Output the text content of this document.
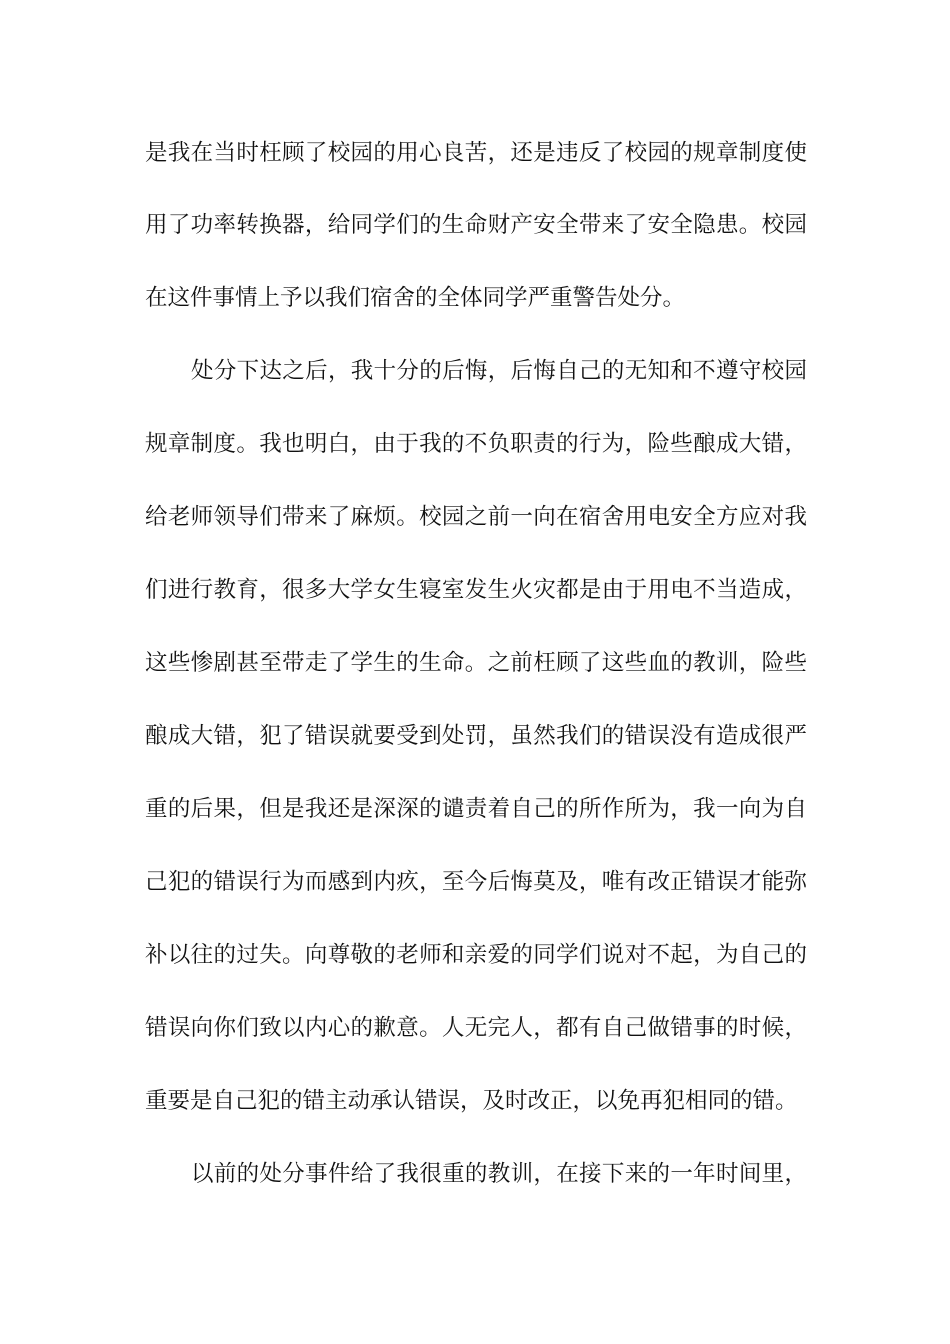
是我在当时枉顾了校园的用心良苦，还是违反了校园的规章制度使
用了功率转换器，给同学们的生命财产安全带来了安全隐患。校园
在这件事情上予以我们宿舍的全体同学严重警告处分。
处分下达之后，我十分的后悔，后悔自己的无知和不遵守校园
规章制度。我也明白，由于我的不负职责的行为，险些酿成大错，
给老师领导们带来了麻烦。校园之前一向在宿舍用电安全方应对我
们进行教育，很多大学女生寝室发生火灾都是由于用电不当造成，
这些惨剧甚至带走了学生的生命。之前枉顾了这些血的教训，险些
酿成大错，犯了错误就要受到处罚，虽然我们的错误没有造成很严
重的后果，但是我还是深深的谴责着自己的所作所为，我一向为自
己犯的错误行为而感到内疚，至今后悔莫及，唯有改正错误才能弥
补以往的过失。向尊敬的老师和亲爱的同学们说对不起，为自己的
错误向你们致以内心的歉意。人无完人，都有自己做错事的时候，
重要是自己犯的错主动承认错误，及时改正，以免再犯相同的错。
以前的处分事件给了我很重的教训，在接下来的一年时间里，
